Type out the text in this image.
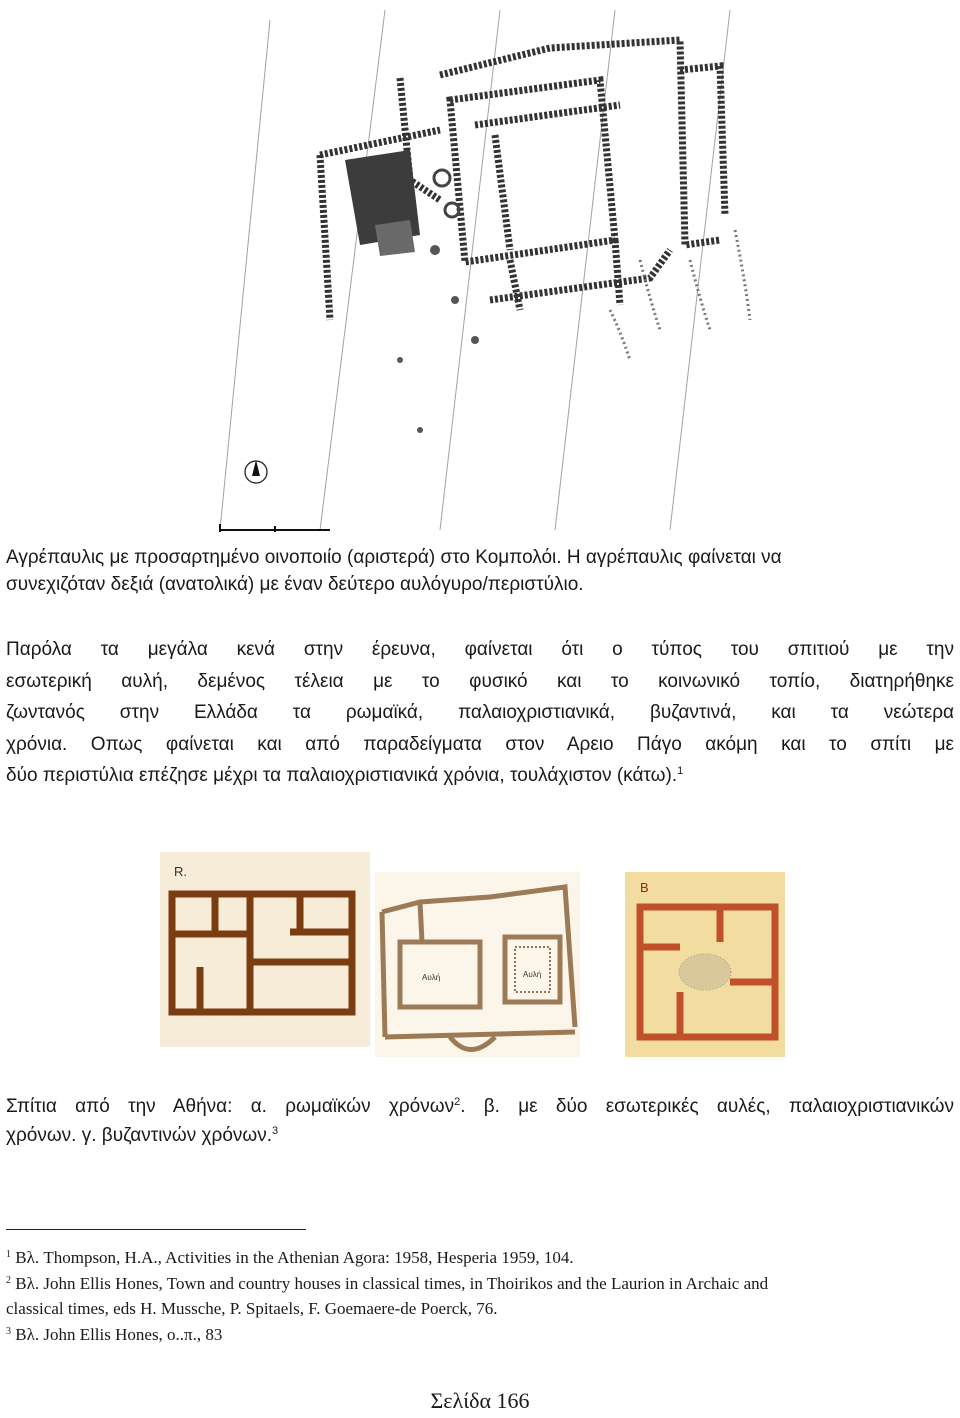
Αγρέπαυλις με προσαρτημένο οινοποιίο (αριστερά) στο Κομπολόι. Η αγρέπαυλις φαίνεται να
συνεχιζόταν δεξιά (ανατολικά) με έναν δεύτερο αυλόγυρο/περιστύλιο.
Παρόλα τα μεγάλα κενά στην έρευνα, φαίνεται ότι ο τύπος του σπιτιού με την
εσωτερική αυλή, δεμένος τέλεια με το φυσικό και το κοινωνικό τοπίο, διατηρήθηκε
ζωντανός στην Ελλάδα τα ρωμαϊκά, παλαιοχριστιανικά, βυζαντινά, και τα νεώτερα
χρόνια. Οπως φαίνεται και από παραδείγματα στον Αρειο Πάγο ακόμη και το σπίτι με
δύο περιστύλια επέζησε μέχρι τα παλαιοχριστιανικά χρόνια, τουλάχιστον (κάτω).$^1$
R.
Αυλή	Αυλή
B
Σπίτια από την Αθήνα: α. ρωμαϊκών χρόνων$^2$. β. με δύο εσωτερικές αυλές, παλαιοχριστιανικών
χρόνων. γ. βυζαντινών χρόνων.$^3$
$^1$ Βλ. Thompson, H.A., Activities in the Athenian Agora: 1958, Hesperia 1959, 104.
$^2$ Βλ. John Ellis Hones, Town and country houses in classical times, in Thoirikos and the Laurion in Archaic and
classical times, eds H. Mussche, P. Spitaels, F. Goemaere-de Poerck, 76.
$^3$ Βλ. John Ellis Hones, ο..π., 83
Σελίδα 166
